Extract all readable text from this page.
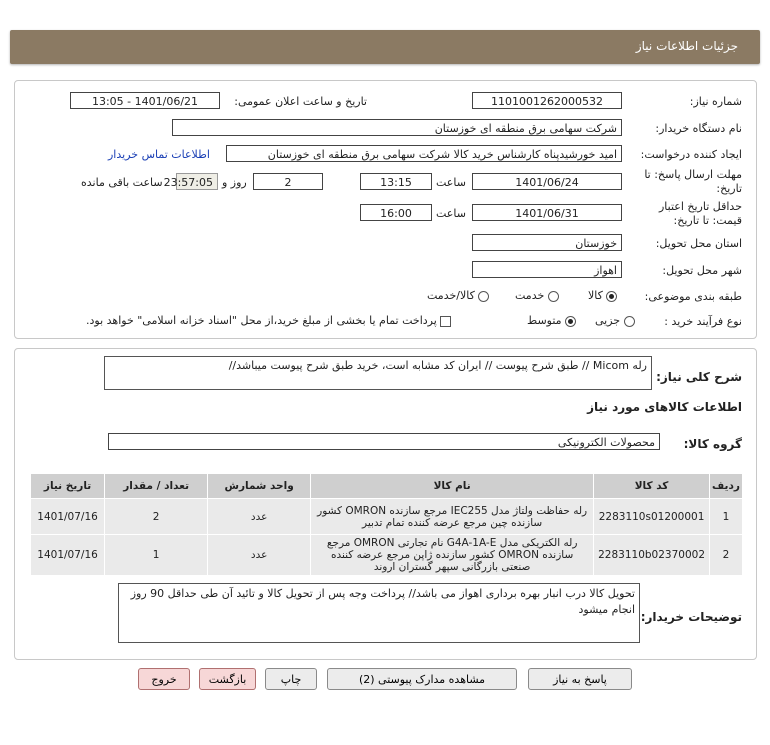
جزئیات اطلاعات نیاز
شماره نیاز:
1101001262000532
تاریخ و ساعت اعلان عمومی:
1401/06/21 - 13:05
نام دستگاه خریدار:
شرکت سهامی برق منطقه ای خوزستان
ایجاد کننده درخواست:
امید خورشیدپناه کارشناس خرید کالا شرکت سهامی برق منطقه ای خوزستان
اطلاعات تماس خریدار
مهلت ارسال پاسخ: تا
تاریخ:
1401/06/24
ساعت
13:15
2
روز و
23:57:05
ساعت باقی مانده
حداقل تاریخ اعتبار
قیمت: تا تاریخ:
1401/06/31
ساعت
16:00
استان محل تحویل:
خوزستان
شهر محل تحویل:
اهواز
طبقه بندی موضوعی:
کالا
خدمت
کالا/خدمت
نوع فرآیند خرید :
جزیی
متوسط
پرداخت تمام یا بخشی از مبلغ خرید،از محل "اسناد خزانه اسلامی" خواهد بود.
شرح کلی نیاز:
رله Micom // طبق شرح پیوست // ایران کد مشابه است، خرید طبق شرح پیوست میباشد//
اطلاعات کالاهای مورد نیاز
گروه کالا:
محصولات الکترونیکی
ردیف	کد کالا	نام کالا	واحد شمارش	تعداد / مقدار	تاریخ نیاز
1	2283110s01200001	رله حفاظت ولتاژ مدل IEC255 مرجع سازنده OMRON کشور سازنده چین مرجع عرضه کننده تمام تدبیر	عدد	2	1401/07/16
2	2283110b02370002	رله الکتریکی مدل G4A-1A-E نام تجارتی OMRON مرجع سازنده OMRON کشور سازنده ژاپن مرجع عرضه کننده صنعتی بازرگانی سپهر گستران اروند	عدد	1	1401/07/16
توضیحات خریدار:
تحویل کالا درب انبار بهره برداری اهواز می باشد// پرداخت وجه پس از تحویل کالا و تائید آن طی حداقل 90 روز انجام میشود
پاسخ به نیاز
مشاهده مدارک پیوستی (2)
چاپ
بازگشت
خروج
